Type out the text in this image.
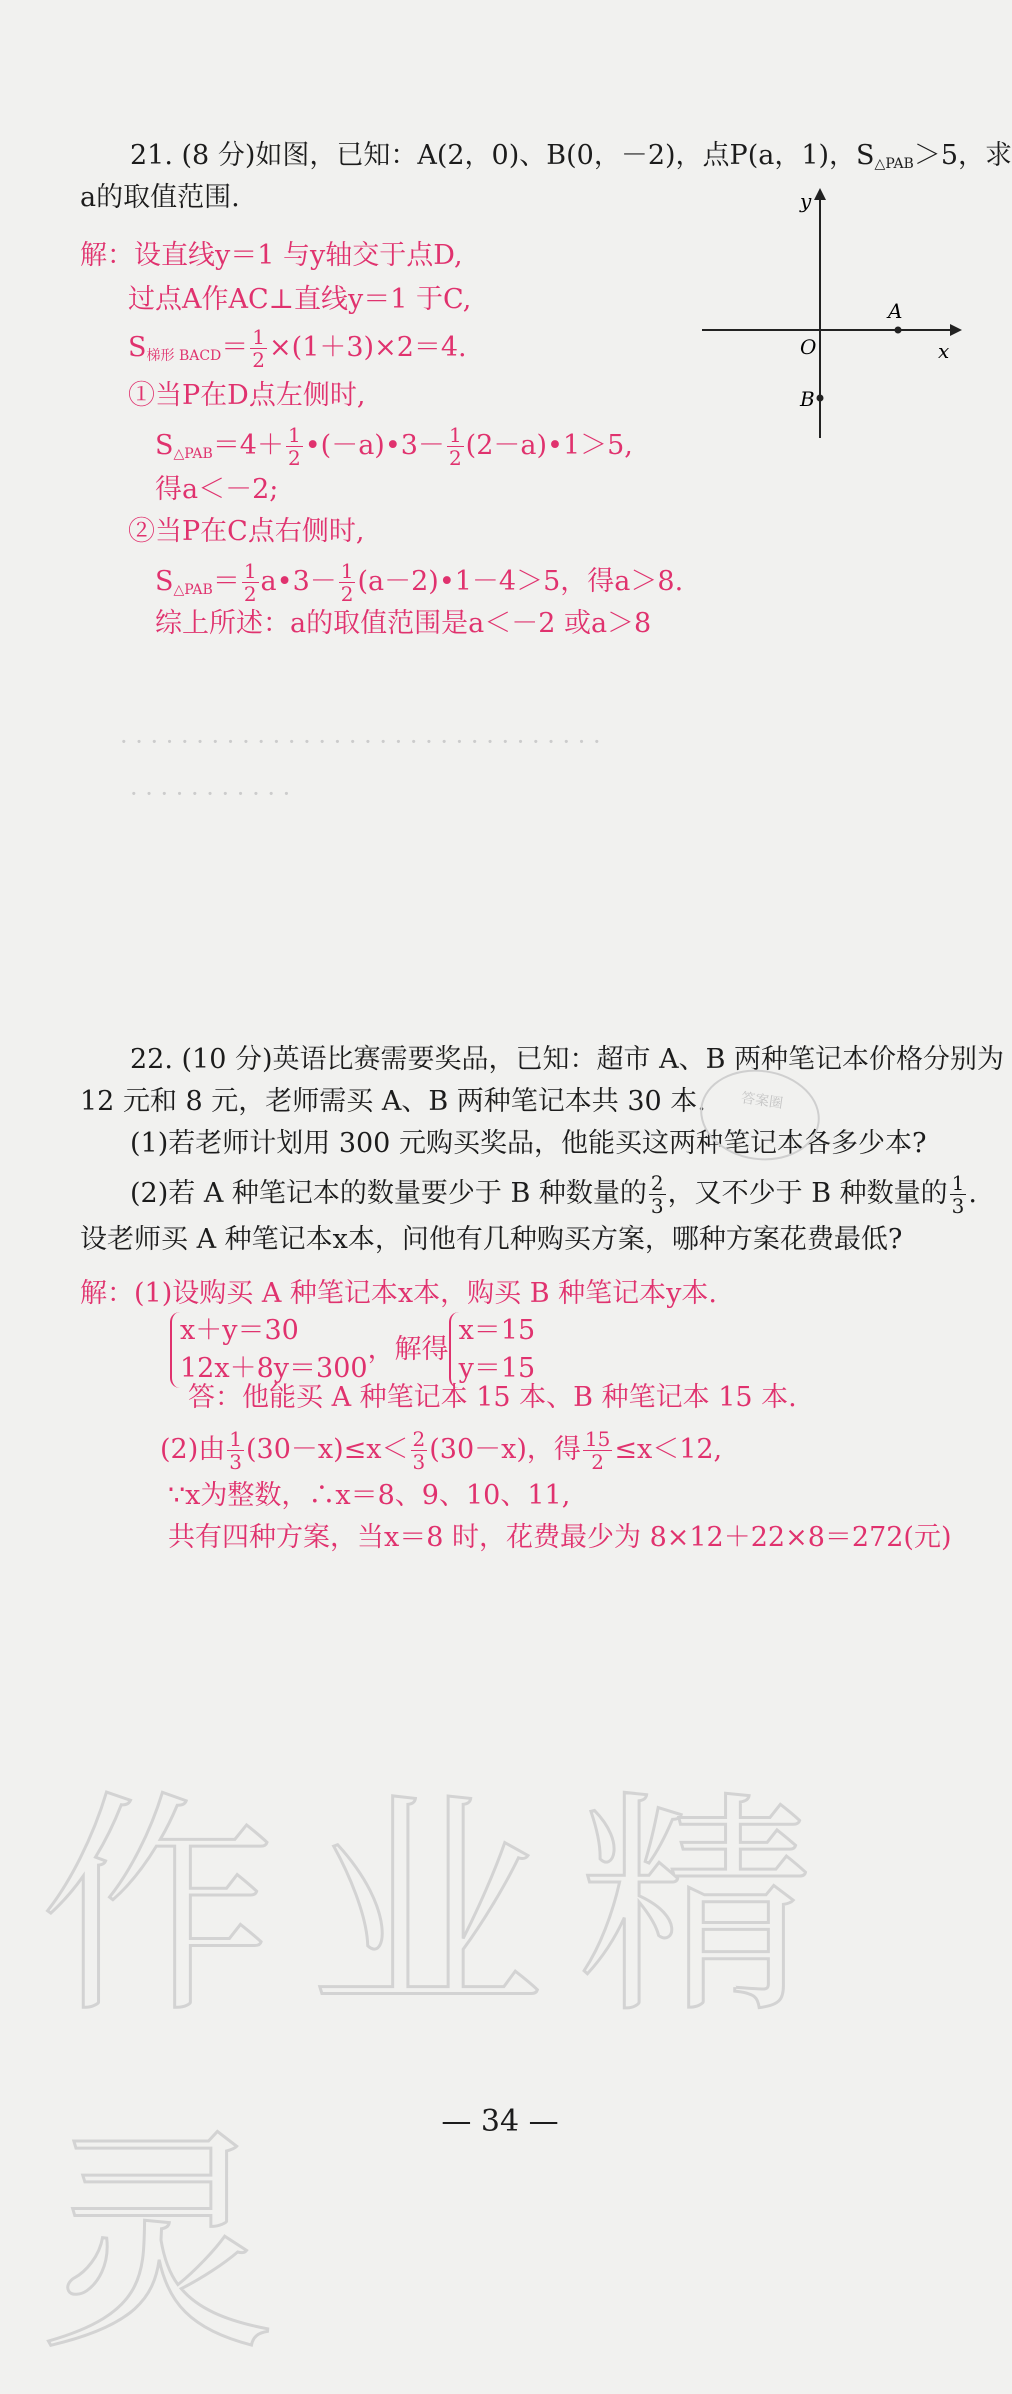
21. (8 分)如图，已知：A(2，0)、B(0，－2)，点P(a，1)，$S_{\triangle PAB}>5$，求
a的取值范围.
解：设直线y＝1 与y轴交于点D,
过点A作AC⊥直线y＝1 于C,
$S_{梯形 BACD}= \frac{1}{2} \times(1+3)\times 2=4$.
①当P在D点左侧时,
$S_{\triangle PAB}=4+ \frac{1}{2}$ •(－a)•3－ $\frac{1}{2}$ (2－a)•1＞5,
得a＜－2;
②当P在C点右侧时,
$S_{\triangle PAB}= \frac{1}{2}$ a•3－ $\frac{1}{2}$ (a－2)•1－4＞5，得a＞8.
综上所述：a的取值范围是a＜－2 或a＞8
y
x
O
A
B
· · · · · · · · · · · · · · · · · · · · · · · · · · · · · · · ·
· · · · · · · · · · ·
22. (10 分)英语比赛需要奖品，已知：超市 A、B 两种笔记本价格分别为
12 元和 8 元，老师需买 A、B 两种笔记本共 30 本.
(1)若老师计划用 300 元购买奖品，他能买这两种笔记本各多少本?
(2)若 A 种笔记本的数量要少于 B 种数量的 $\frac{2}{3}$ ，又不少于 B 种数量的 $\frac{1}{3}$ .
设老师买 A 种笔记本x本，问他有几种购买方案，哪种方案花费最低?
解：(1)设购买 A 种笔记本x本，购买 B 种笔记本y本.
x＋y＝30
12x＋8y＝300
，解得
x＝15
y＝15
答：他能买 A 种笔记本 15 本、B 种笔记本 15 本.
(2)由 $\frac{1}{3} (30-x)\le x< \frac{2}{3} (30-x)$，得 $\frac{15}{2} \le x<12$,
∵x为整数，∴x＝8、9、10、11,
共有四种方案，当x＝8 时，花费最少为 8×12＋22×8＝272(元)
答案圈
作业精灵	— 34 —
